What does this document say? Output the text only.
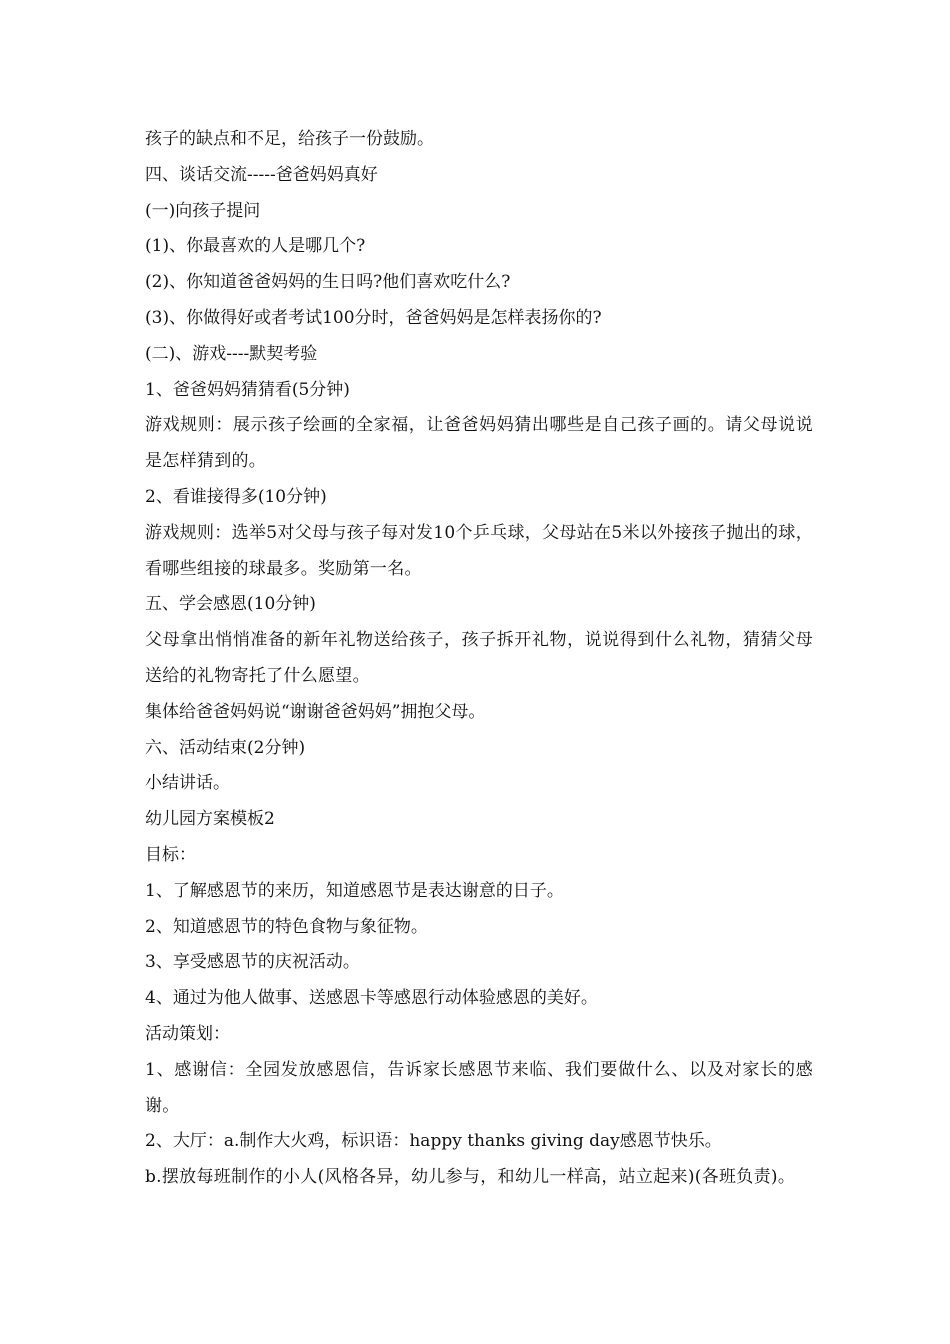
孩子的缺点和不足，给孩子一份鼓励。

四、谈话交流-----爸爸妈妈真好

(一)向孩子提问

(1)、你最喜欢的人是哪几个?

(2)、你知道爸爸妈妈的生日吗?他们喜欢吃什么?

(3)、你做得好或者考试100分时，爸爸妈妈是怎样表扬你的?

(二)、游戏----默契考验

1、爸爸妈妈猜猜看(5分钟)

游戏规则：展示孩子绘画的全家福，让爸爸妈妈猜出哪些是自己孩子画的。请父母说说是怎样猜到的。

2、看谁接得多(10分钟)

游戏规则：选举5对父母与孩子每对发10个乒乓球，父母站在5米以外接孩子抛出的球，看哪些组接的球最多。奖励第一名。

五、学会感恩(10分钟)

父母拿出悄悄准备的新年礼物送给孩子，孩子拆开礼物，说说得到什么礼物，猜猜父母送给的礼物寄托了什么愿望。

集体给爸爸妈妈说“谢谢爸爸妈妈”拥抱父母。

六、活动结束(2分钟)

小结讲话。

幼儿园方案模板2

目标：

1、了解感恩节的来历，知道感恩节是表达谢意的日子。

2、知道感恩节的特色食物与象征物。

3、享受感恩节的庆祝活动。

4、通过为他人做事、送感恩卡等感恩行动体验感恩的美好。

活动策划：

1、感谢信：全园发放感恩信，告诉家长感恩节来临、我们要做什么、以及对家长的感谢。

2、大厅：a.制作大火鸡，标识语：happy thanks giving day感恩节快乐。

b.摆放每班制作的小人(风格各异，幼儿参与，和幼儿一样高，站立起来)(各班负责)。
